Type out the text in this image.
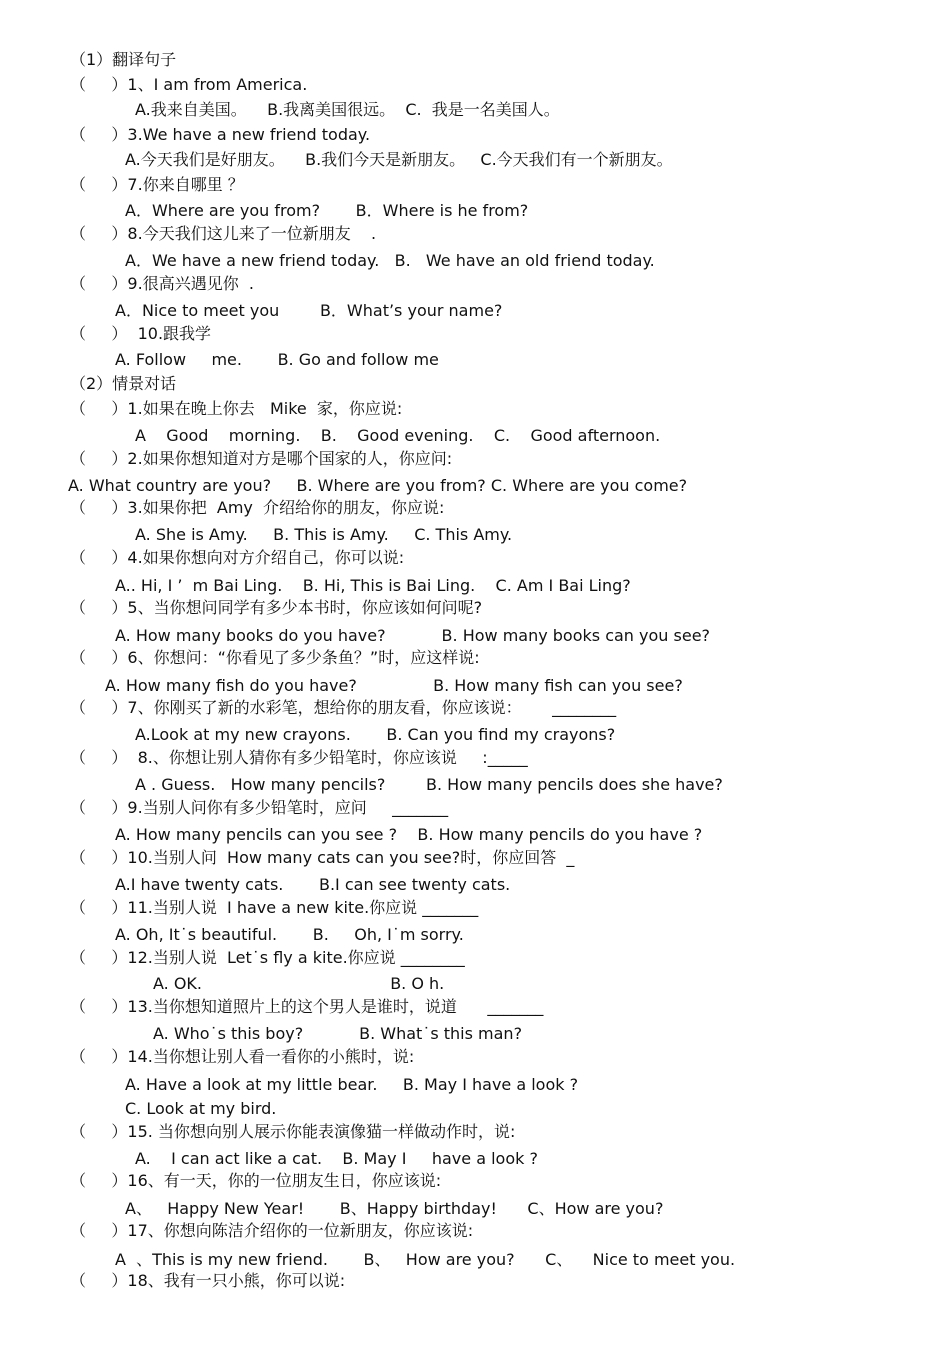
（1）翻译句子
（     ）1、I am from America.
A.我来自美国。    B.我离美国很远。  C.  我是一名美国人。
（     ）3.We have a new friend today.
A.今天我们是好朋友。    B.我们今天是新朋友。   C.今天我们有一个新朋友。
（     ）7.你来自哪里 ？
A．Where are you from?       B．Where is he from?
（     ）8.今天我们这儿来了一位新朋友    .
A．We have a new friend today.   B.   We have an old friend today.
（     ）9.很高兴遇见你  .
A．Nice to meet you        B．What’s your name?
（     ）  10.跟我学
A. Follow     me.       B. Go and follow me
（2）情景对话
（     ）1.如果在晚上你去   Mike  家，你应说:
A    Good    morning.    B.    Good evening.    C.    Good afternoon.
（     ）2.如果你想知道对方是哪个国家的人，你应问:
A. What country are you?     B. Where are you from? C. Where are you come?
（     ）3.如果你把  Amy  介绍给你的朋友，你应说:
A. She is Amy.     B. This is Amy.     C. This Amy.
（     ）4.如果你想向对方介绍自己，你可以说:
A.. Hi, I ’  m Bai Ling.    B. Hi, This is Bai Ling.    C. Am I Bai Ling?
（     ）5、当你想问同学有多少本书时，你应该如何问呢?
A. How many books do you have?           B. How many books can you see?
（     ）6、你想问：“你看见了多少条鱼？”时，应这样说:
A. How many fish do you have?               B. How many fish can you see?
（     ）7、你刚买了新的水彩笔，想给你的朋友看，你应该说：      ________
A.Look at my new crayons.       B. Can you find my crayons?
（     ）  8.、你想让别人猜你有多少铅笔时，你应该说     :_____
A . Guess.   How many pencils?        B. How many pencils does she have?
（     ）9.当别人问你有多少铅笔时，应问     _______
A. How many pencils can you see ?    B. How many pencils do you have ?
（     ）10.当别人问  How many cats can you see?时，你应回答  _
A.I have twenty cats.       B.I can see twenty cats.
（     ）11.当别人说  I have a new kite.你应说 _______
A. Oh, It˙s beautiful.       B.     Oh, I˙m sorry.
（     ）12.当别人说  Let˙s fly a kite.你应说 ________
A. OK.                                     B. O h.
（     ）13.当你想知道照片上的这个男人是谁时，说道      _______
A. Who˙s this boy?           B. What˙s this man?
（     ）14.当你想让别人看一看你的小熊时，说:
A. Have a look at my little bear.     B. May I have a look ?
C. Look at my bird.
（     ）15. 当你想向别人展示你能表演像猫一样做动作时，说:
A.    I can act like a cat.    B. May I     have a look ?
（     ）16、有一天，你的一位朋友生日，你应该说:
A、   Happy New Year!       B、Happy birthday!      C、How are you?
（     ）17、你想向陈洁介绍你的一位新朋友，你应该说:
A  、This is my new friend.       B、   How are you?      C、    Nice to meet you.
（     ）18、我有一只小熊，你可以说:
